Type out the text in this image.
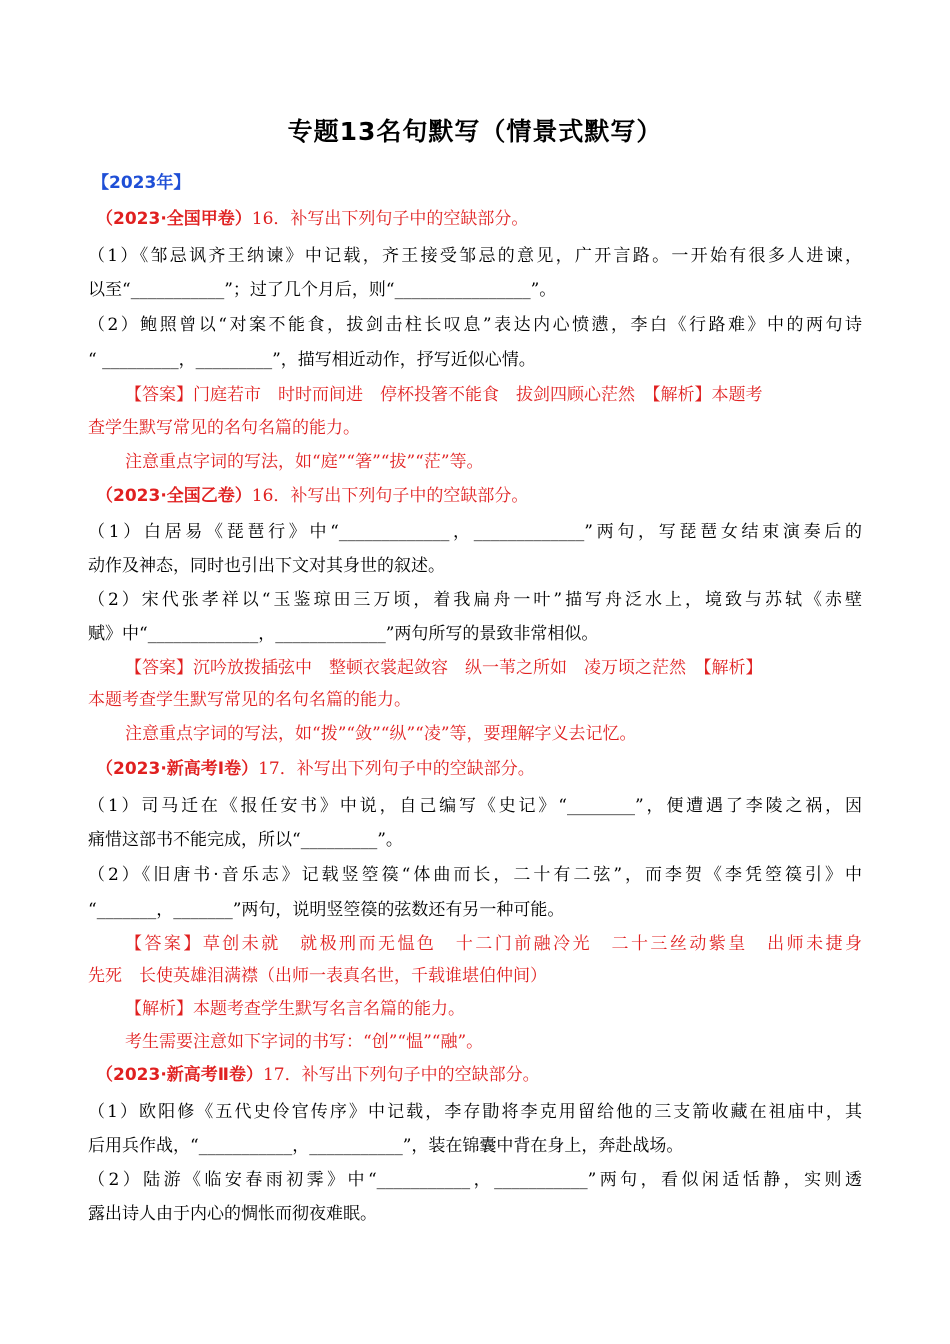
专题13名句默写（情景式默写）
【2023年】
（2023·全国甲卷）16．补写出下列句子中的空缺部分。
（1）《邹忌讽齐王纳谏》中记载，齐王接受邹忌的意见，广开言路。一开始有很多人进谏，
以至“___________”；过了几个月后，则“________________”。
（2）鲍照曾以“对案不能食，拔剑击柱长叹息”表达内心愤懑，李白《行路难》中的两句诗
“ _________，_________”，描写相近动作，抒写近似心情。
【答案】门庭若市　时时而间进　停杯投箸不能食　拔剑四顾心茫然　【解析】本题考
查学生默写常见的名句名篇的能力。
注意重点字词的写法，如“庭”“箸”“拔”“茫”等。
（2023·全国乙卷）16．补写出下列句子中的空缺部分。
（1）白居易《琵琶行》中“_____________，_____________”两句，写琵琶女结束演奏后的
动作及神态，同时也引出下文对其身世的叙述。
（2）宋代张孝祥以“玉鉴琼田三万顷，着我扁舟一叶”描写舟泛水上，境致与苏轼《赤壁
赋》中“_____________，_____________”两句所写的景致非常相似。
【答案】沉吟放拨插弦中　整顿衣裳起敛容　纵一苇之所如　凌万顷之茫然　【解析】
本题考查学生默写常见的名句名篇的能力。
注意重点字词的写法，如“拨”“敛”“纵”“凌”等，要理解字义去记忆。
（2023·新高考Ⅰ卷）17．补写出下列句子中的空缺部分。
（1）司马迁在《报任安书》中说，自己编写《史记》“________”，便遭遇了李陵之祸，因
痛惜这部书不能完成，所以“_________”。
（2）《旧唐书·音乐志》记载竖箜篌“体曲而长，二十有二弦”，而李贺《李凭箜篌引》中
“_______，_______”两句，说明竖箜篌的弦数还有另一种可能。
【答案】草创未就　就极刑而无愠色　十二门前融冷光　二十三丝动紫皇　出师未捷身
先死　长使英雄泪满襟（出师一表真名世，千载谁堪伯仲间）
【解析】本题考查学生默写名言名篇的能力。
考生需要注意如下字词的书写：“创”“愠”“融”。
（2023·新高考Ⅱ卷）17．补写出下列句子中的空缺部分。
（1）欧阳修《五代史伶官传序》中记载，李存勖将李克用留给他的三支箭收藏在祖庙中，其
后用兵作战，“___________，___________”，装在锦囊中背在身上，奔赴战场。
（2）陆游《临安春雨初霁》中“___________，___________”两句，看似闲适恬静，实则透
露出诗人由于内心的惆怅而彻夜难眠。
